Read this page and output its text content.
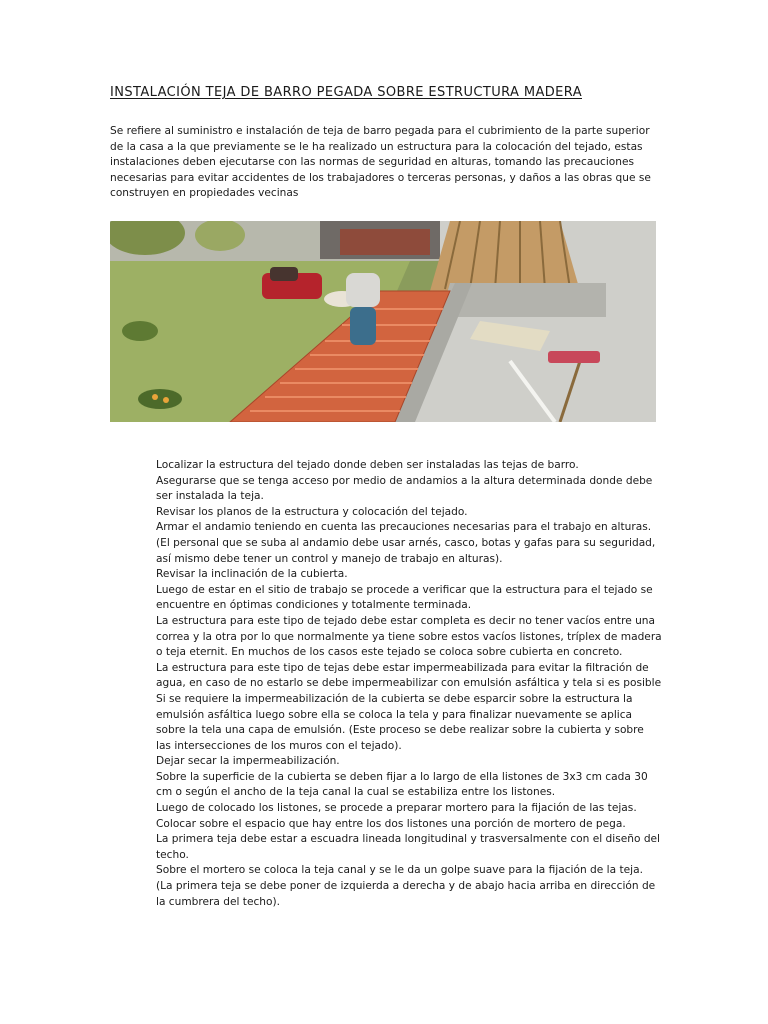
INSTALACIÓN TEJA DE BARRO PEGADA SOBRE ESTRUCTURA MADERA

Se refiere al suministro e instalación de teja de barro pegada para el cubrimiento de la parte superior de la casa a la que previamente se le ha realizado un estructura para la colocación del tejado, estas instalaciones deben ejecutarse con las normas de seguridad en alturas, tomando las precauciones necesarias para evitar accidentes de los trabajadores o terceras personas, y daños a las obras que se construyen en propiedades vecinas

Localizar la estructura del tejado donde deben ser instaladas las tejas de barro.
Asegurarse que se tenga acceso por medio de andamios a la altura determinada donde debe ser instalada la teja.
Revisar los planos de la estructura y colocación del tejado.
Armar el andamio teniendo en cuenta las precauciones necesarias para el trabajo en alturas. (El personal que se suba al andamio debe usar arnés, casco, botas y gafas para su seguridad, así mismo debe tener un control y manejo de trabajo en alturas).
Revisar la inclinación de la cubierta.
Luego de estar en el sitio de trabajo se procede a verificar que la estructura para el tejado se encuentre en óptimas condiciones y totalmente terminada.
La estructura para este tipo de tejado debe estar completa es decir no tener vacíos entre una correa y la otra por lo que normalmente ya tiene sobre estos vacíos listones, tríplex de madera o teja eternit. En muchos de los casos este tejado se coloca sobre cubierta en concreto.
La estructura para este tipo de tejas debe estar impermeabilizada para evitar la filtración de agua, en caso de no estarlo se debe impermeabilizar con emulsión asfáltica y tela si es posible
Si se requiere la impermeabilización de la cubierta se debe esparcir sobre la estructura la emulsión asfáltica luego sobre ella se coloca la tela y para finalizar nuevamente se aplica sobre la tela una capa de emulsión. (Este proceso se debe realizar sobre la cubierta y sobre las intersecciones de los muros con el tejado).
Dejar secar la impermeabilización.
Sobre la superficie de la cubierta se deben fijar a lo largo de ella listones de 3x3 cm cada 30 cm o según el ancho de la teja canal la cual se estabiliza entre los listones.
Luego de colocado los listones, se procede a preparar mortero para la fijación de las tejas.
Colocar sobre el espacio que hay entre los dos listones una porción de mortero de pega.
La primera teja debe estar a escuadra lineada longitudinal y trasversalmente con el diseño del techo.
Sobre el mortero se coloca la teja canal y se le da un golpe suave para la fijación de la teja. (La primera teja se debe poner de izquierda a derecha y de abajo hacia arriba en dirección de la cumbrera del techo).
